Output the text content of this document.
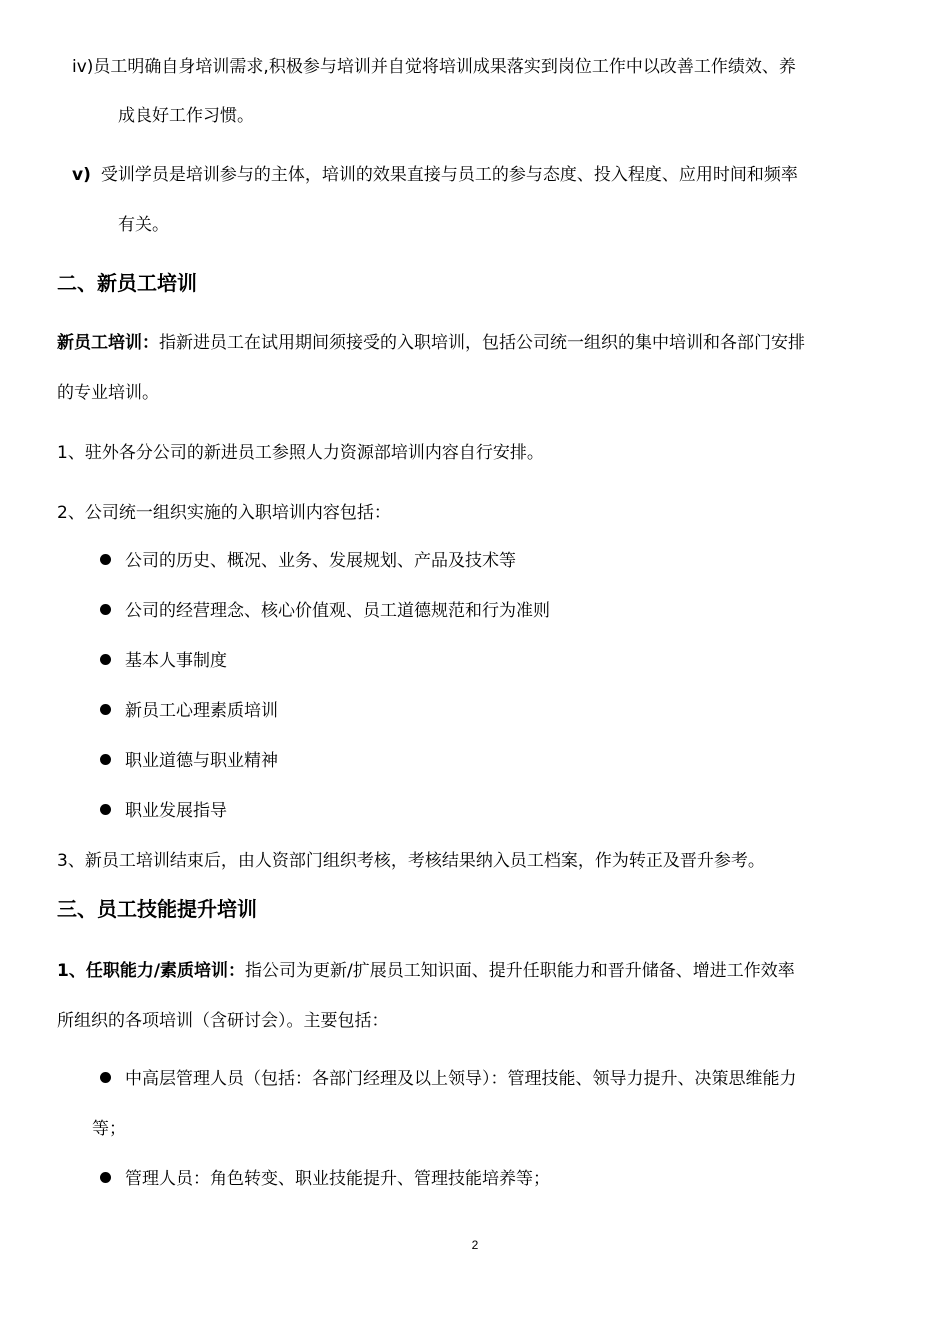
iv)员工明确自身培训需求,积极参与培训并自觉将培训成果落实到岗位工作中以改善工作绩效、养
成良好工作习惯。
v) 受训学员是培训参与的主体，培训的效果直接与员工的参与态度、投入程度、应用时间和频率
有关。
二、新员工培训
新员工培训：指新进员工在试用期间须接受的入职培训，包括公司统一组织的集中培训和各部门安排
的专业培训。
1、驻外各分公司的新进员工参照人力资源部培训内容自行安排。
2、公司统一组织实施的入职培训内容包括：
公司的历史、概况、业务、发展规划、产品及技术等
公司的经营理念、核心价值观、员工道德规范和行为准则
基本人事制度
新员工心理素质培训
职业道德与职业精神
职业发展指导
3、新员工培训结束后，由人资部门组织考核，考核结果纳入员工档案，作为转正及晋升参考。
三、员工技能提升培训
1、任职能力/素质培训：指公司为更新/扩展员工知识面、提升任职能力和晋升储备、增进工作效率
所组织的各项培训（含研讨会）。主要包括：
中高层管理人员（包括：各部门经理及以上领导）：管理技能、领导力提升、决策思维能力
等；
管理人员：角色转变、职业技能提升、管理技能培养等；
2
